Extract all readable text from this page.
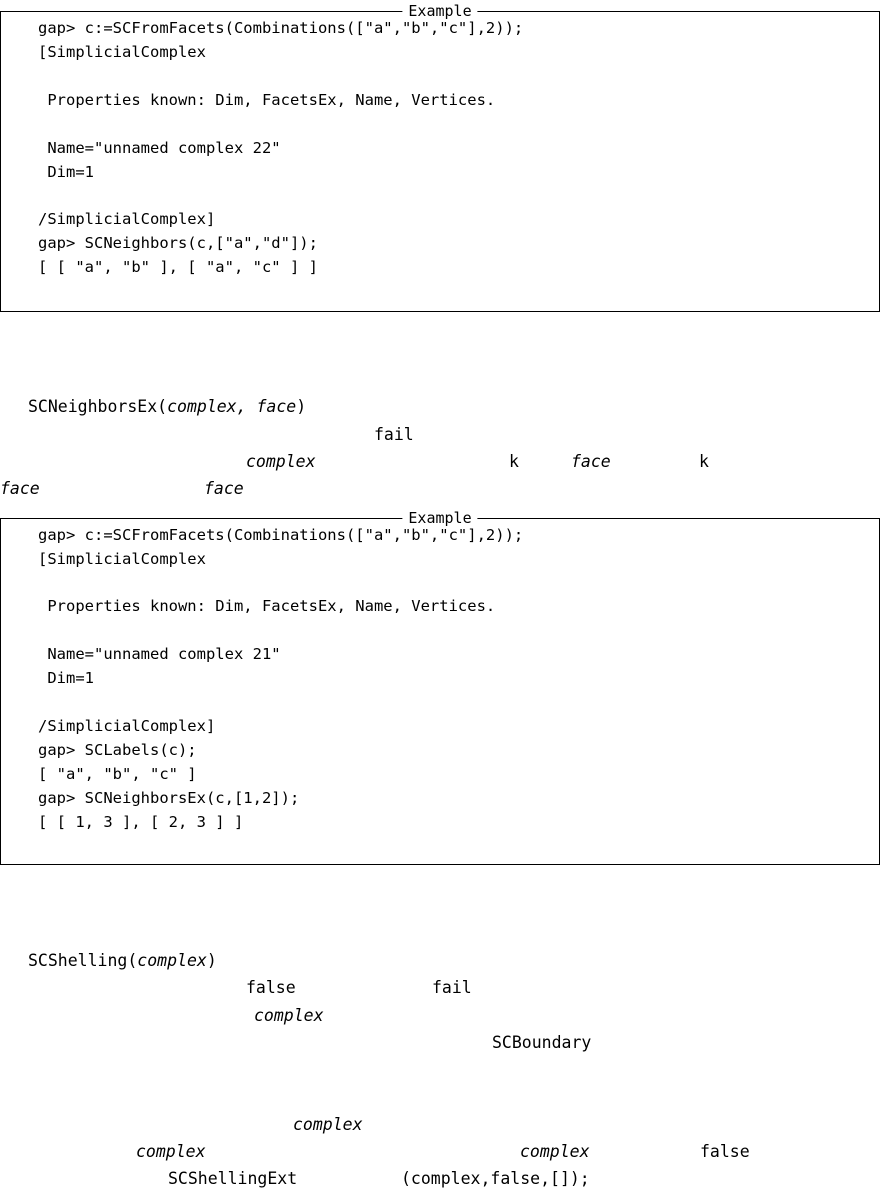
Example
gap> c:=SCFromFacets(Combinations(["a","b","c"],2));
[SimplicialComplex
Properties known: Dim, FacetsEx, Name, Vertices.
Name="unnamed complex 22"
Dim=1
/SimplicialComplex]
gap> SCNeighbors(c,["a","d"]);
[ [ "a", "b" ], [ "a", "c" ] ]
SCNeighborsEx(complex, face)
fail
complex	k	face	k
face	face
Example
gap> c:=SCFromFacets(Combinations(["a","b","c"],2));
[SimplicialComplex
Properties known: Dim, FacetsEx, Name, Vertices.
Name="unnamed complex 21"
Dim=1
/SimplicialComplex]
gap> SCLabels(c);
[ "a", "b", "c" ]
gap> SCNeighborsEx(c,[1,2]);
[ [ 1, 3 ], [ 2, 3 ] ]
SCShelling(complex)
false	fail
complex
SCBoundary
complex
complex	complex	false
SCShellingExt	(complex,false,[]);
